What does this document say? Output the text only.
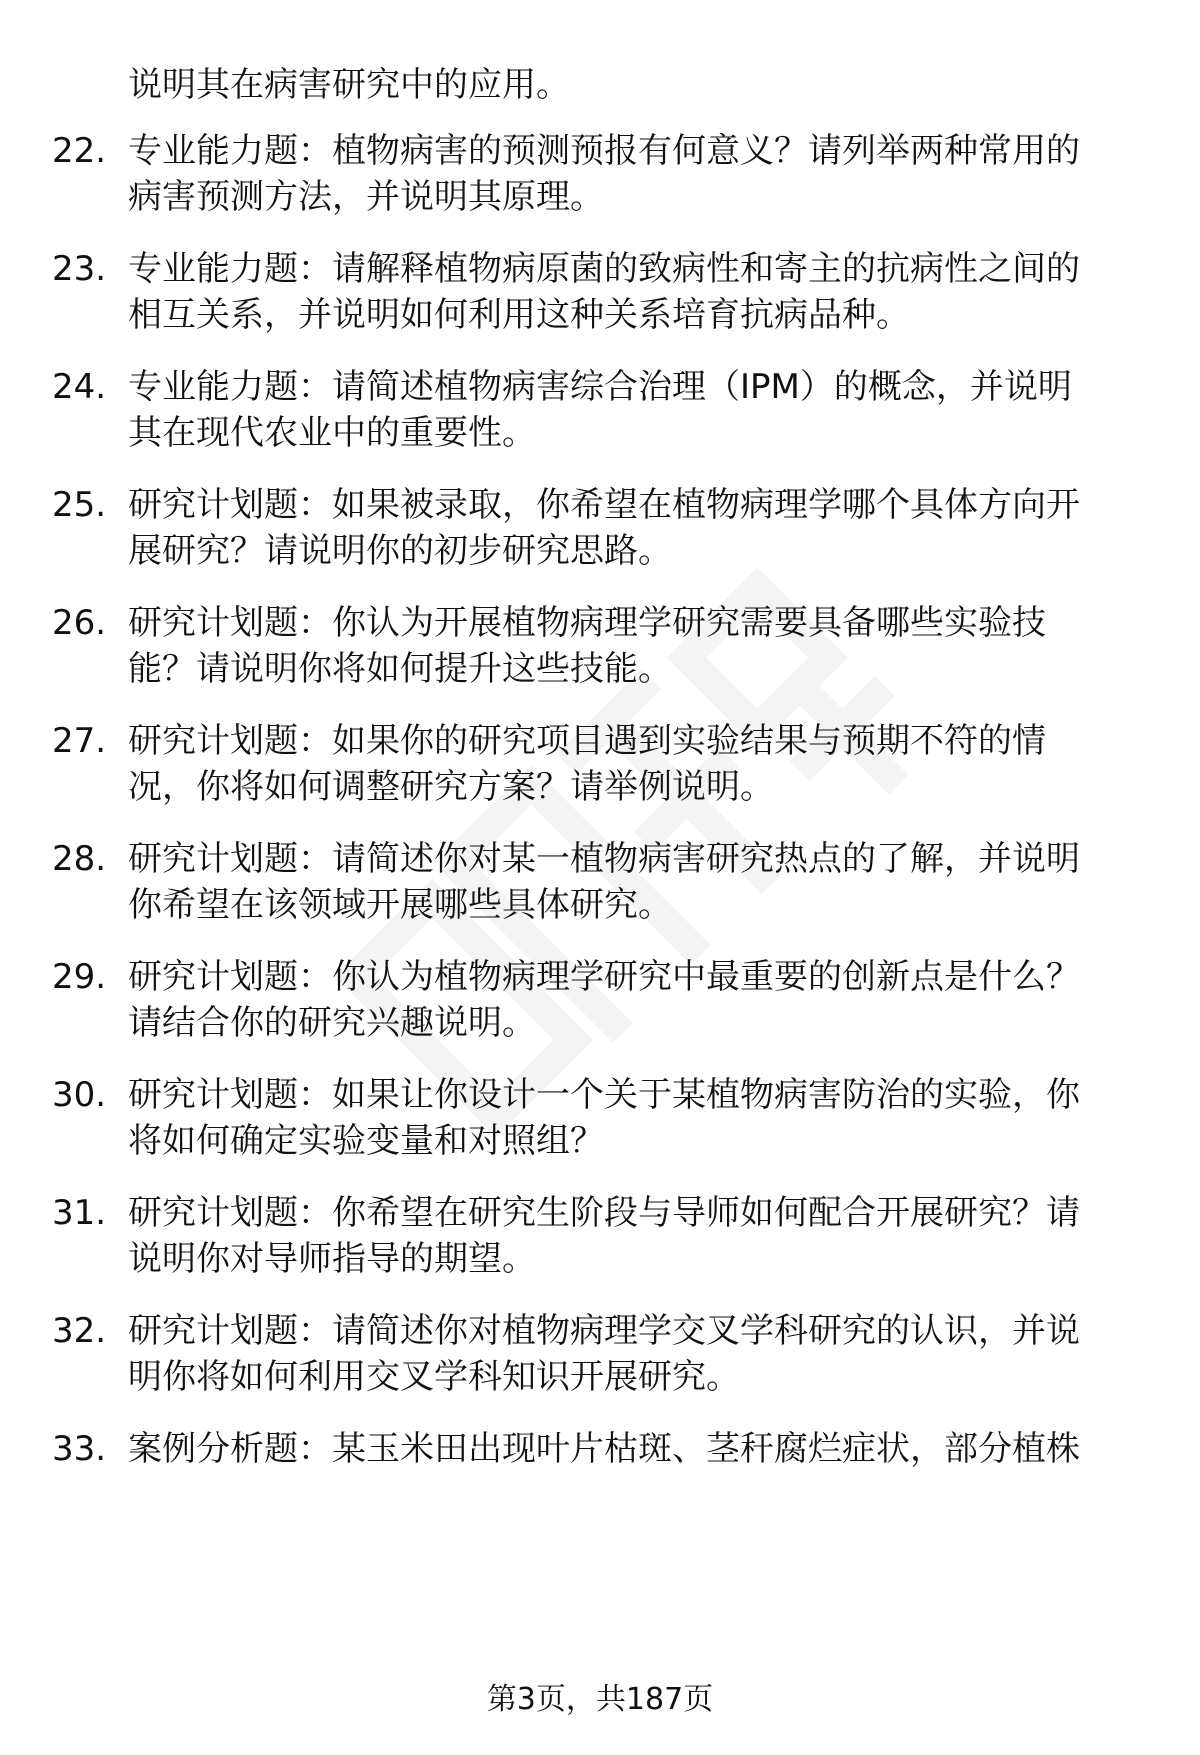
说明其在病害研究中的应用。
22. 专业能力题：植物病害的预测预报有何意义？请列举两种常用的
病害预测方法，并说明其原理。
23. 专业能力题：请解释植物病原菌的致病性和寄主的抗病性之间的
相互关系，并说明如何利用这种关系培育抗病品种。
24. 专业能力题：请简述植物病害综合治理（IPM）的概念，并说明
其在现代农业中的重要性。
25. 研究计划题：如果被录取，你希望在植物病理学哪个具体方向开
展研究？请说明你的初步研究思路。
26. 研究计划题：你认为开展植物病理学研究需要具备哪些实验技
能？请说明你将如何提升这些技能。
27. 研究计划题：如果你的研究项目遇到实验结果与预期不符的情
况，你将如何调整研究方案？请举例说明。
28. 研究计划题：请简述你对某一植物病害研究热点的了解，并说明
你希望在该领域开展哪些具体研究。
29. 研究计划题：你认为植物病理学研究中最重要的创新点是什么？
请结合你的研究兴趣说明。
30. 研究计划题：如果让你设计一个关于某植物病害防治的实验，你
将如何确定实验变量和对照组？
31. 研究计划题：你希望在研究生阶段与导师如何配合开展研究？请
说明你对导师指导的期望。
32. 研究计划题：请简述你对植物病理学交叉学科研究的认识，并说
明你将如何利用交叉学科知识开展研究。
33. 案例分析题：某玉米田出现叶片枯斑、茎秆腐烂症状，部分植株
第3页，共187页
